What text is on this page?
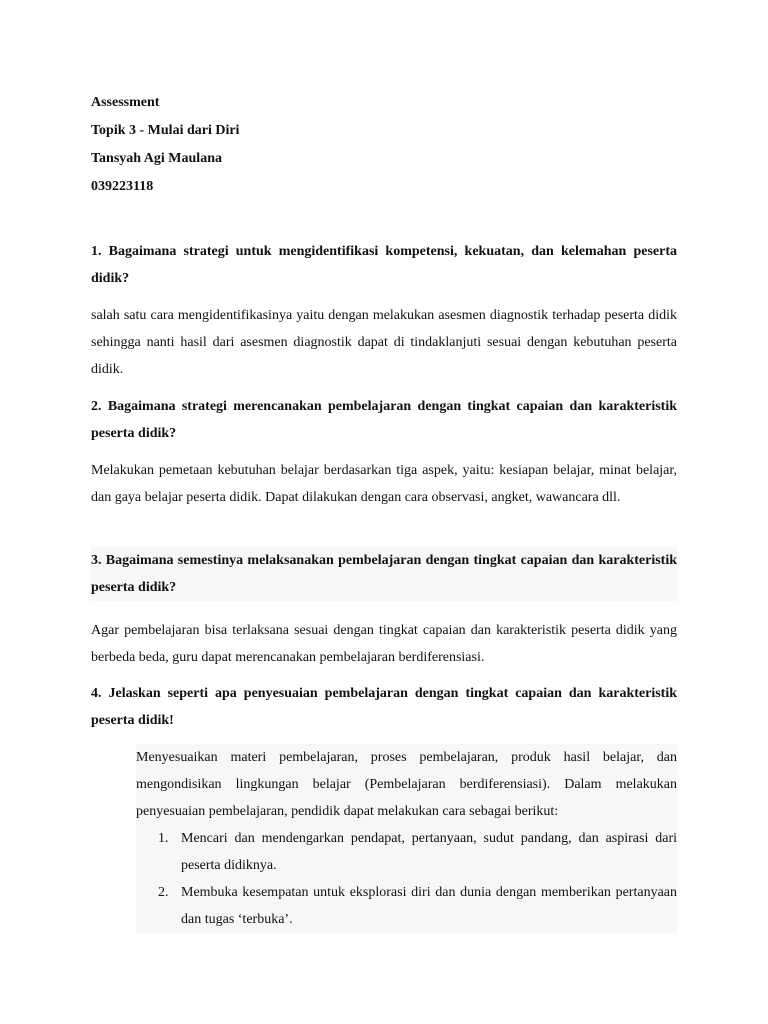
Assessment
Topik 3 - Mulai dari Diri
Tansyah Agi Maulana
039223118
1. Bagaimana strategi untuk mengidentifikasi kompetensi, kekuatan, dan kelemahan peserta didik?
salah satu cara mengidentifikasinya yaitu dengan melakukan asesmen diagnostik terhadap peserta didik sehingga nanti hasil dari asesmen diagnostik dapat di tindaklanjuti sesuai dengan kebutuhan peserta didik.
2. Bagaimana strategi merencanakan pembelajaran dengan tingkat capaian dan karakteristik peserta didik?
Melakukan pemetaan kebutuhan belajar berdasarkan tiga aspek, yaitu: kesiapan belajar, minat belajar, dan gaya belajar peserta didik. Dapat dilakukan dengan cara observasi, angket, wawancara dll.
3. Bagaimana semestinya melaksanakan pembelajaran dengan tingkat capaian dan karakteristik peserta didik?
Agar pembelajaran bisa terlaksana sesuai dengan tingkat capaian dan karakteristik peserta didik yang berbeda beda, guru dapat merencanakan pembelajaran berdiferensiasi.
4. Jelaskan seperti apa penyesuaian pembelajaran dengan tingkat capaian dan karakteristik peserta didik!
Menyesuaikan materi pembelajaran, proses pembelajaran, produk hasil belajar, dan mengondisikan lingkungan belajar (Pembelajaran berdiferensiasi). Dalam melakukan penyesuaian pembelajaran, pendidik dapat melakukan cara sebagai berikut:
1. Mencari dan mendengarkan pendapat, pertanyaan, sudut pandang, dan aspirasi dari peserta didiknya.
2. Membuka kesempatan untuk eksplorasi diri dan dunia dengan memberikan pertanyaan dan tugas ‘terbuka’.
